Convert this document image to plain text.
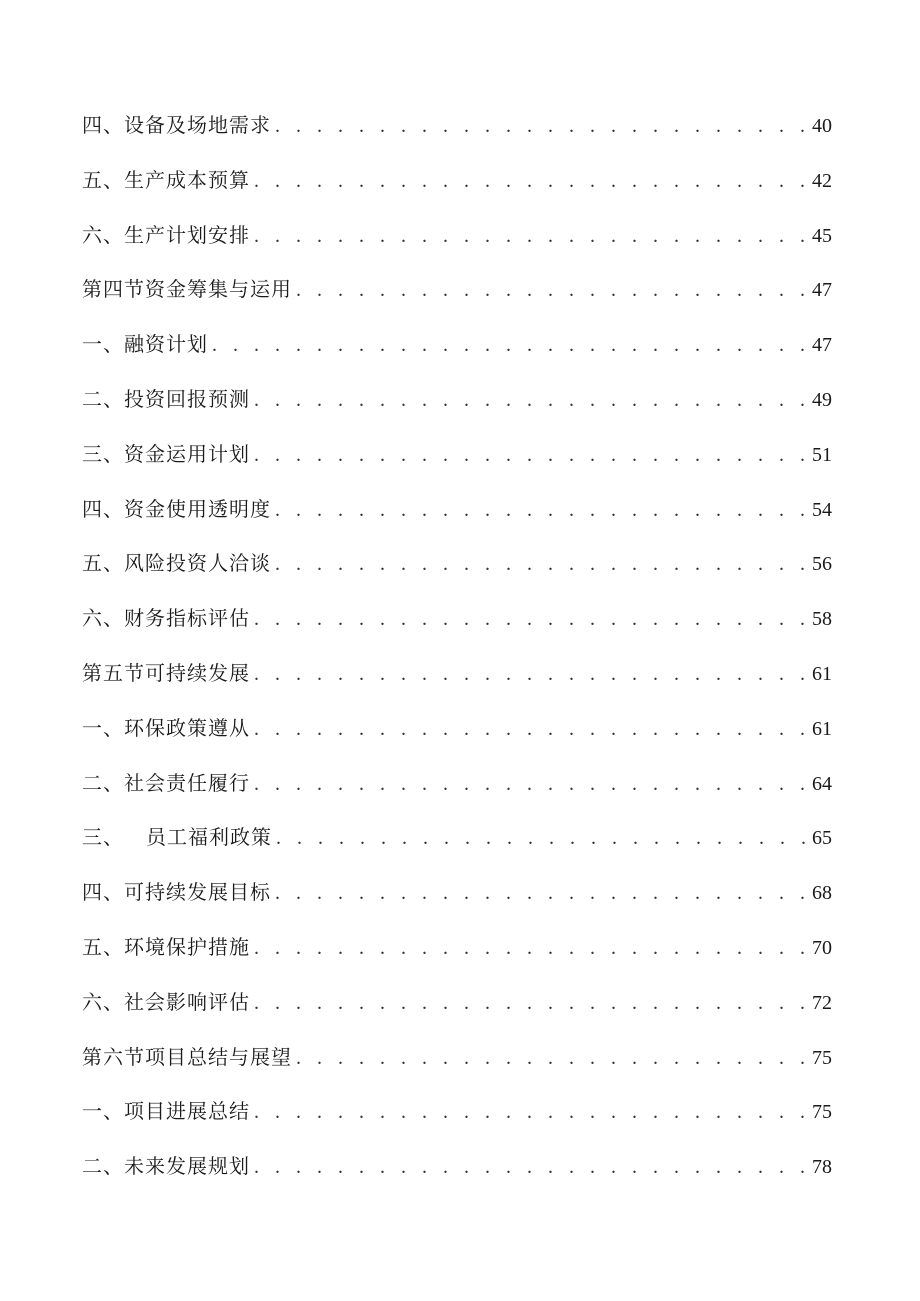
四、设备及场地需求 . . .	40
五、生产成本预算 . . .	42
六、生产计划安排 . . .	45
第四节资金筹集与运用 . . .	47
一、融资计划 . . .	47
二、投资回报预测 . . .	49
三、资金运用计划 . . .	51
四、资金使用透明度 . . .	54
五、风险投资人洽谈 . . .	56
六、财务指标评估 . . .	58
第五节可持续发展 . . .	61
一、环保政策遵从 . . .	61
二、社会责任履行 . . .	64
三、 员工福利政策 . . .	65
四、可持续发展目标 . . .	68
五、环境保护措施 . . .	70
六、社会影响评估 . . .	72
第六节项目总结与展望 . . .	75
一、项目进展总结 . . .	75
二、未来发展规划 . . .	78
